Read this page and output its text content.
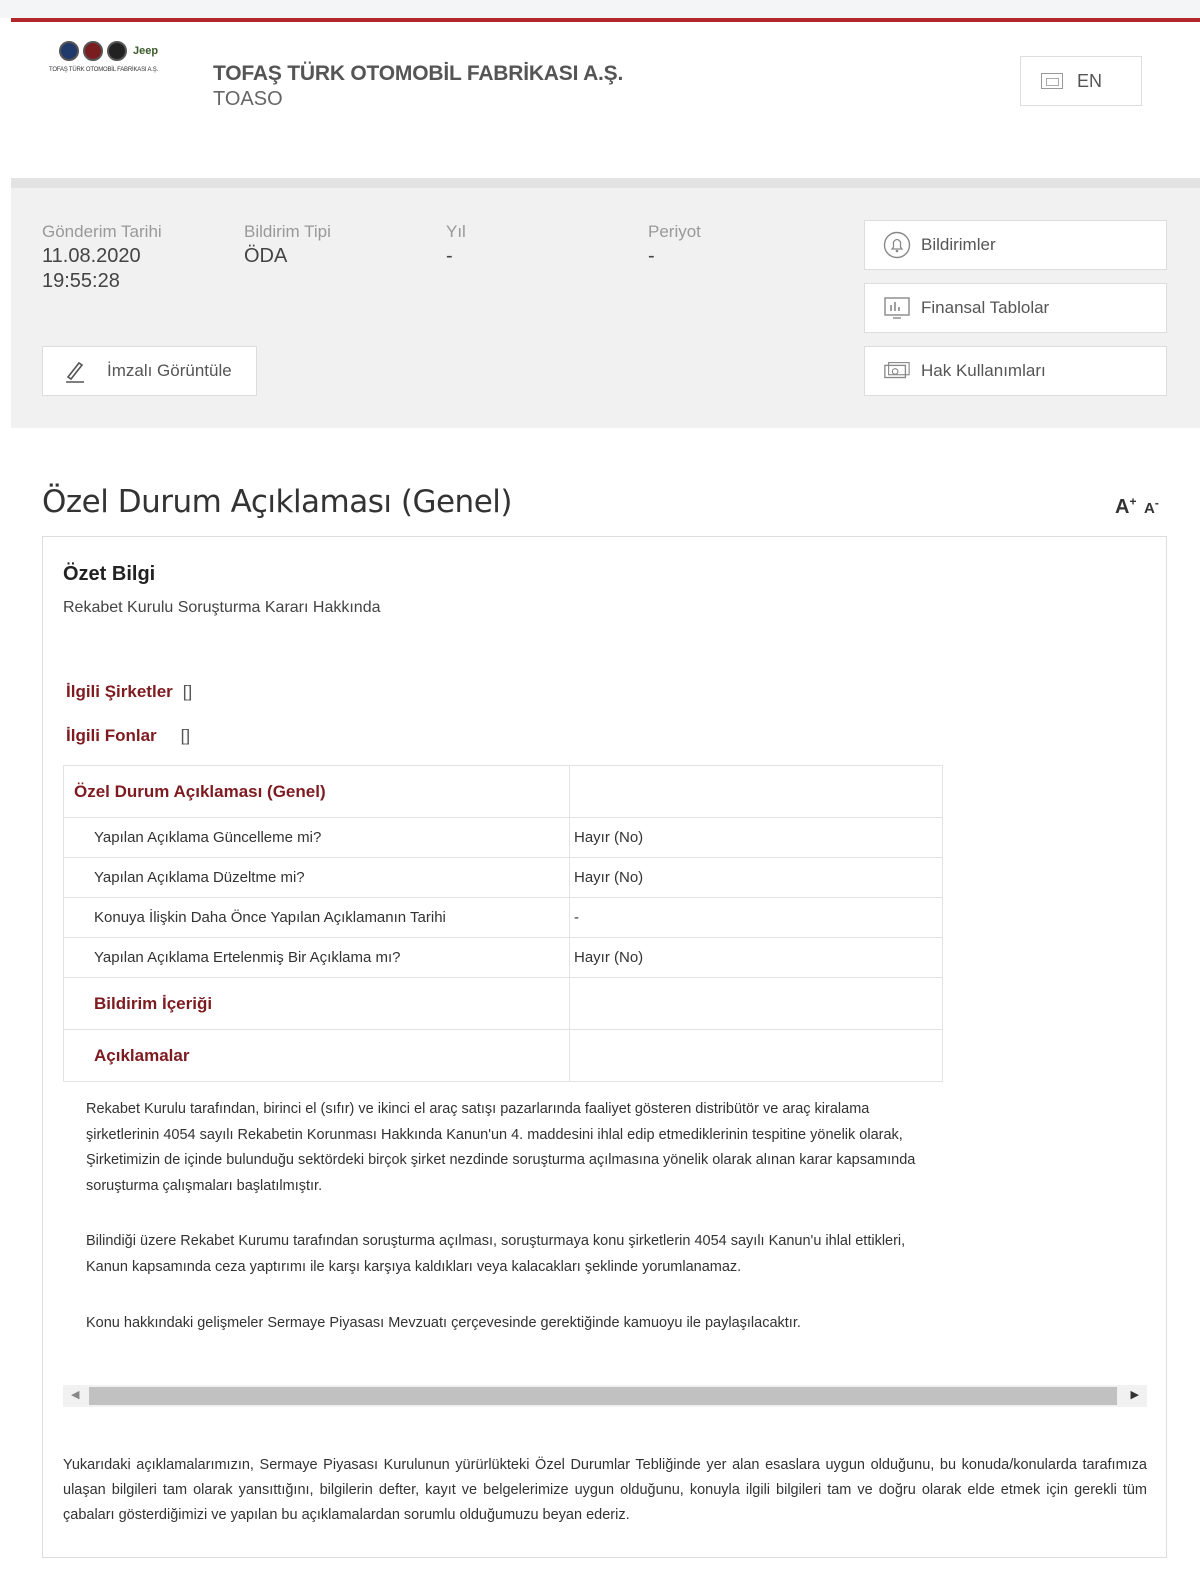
Jeep
TOFAŞ TÜRK OTOMOBİL FABRİKASI A.Ş.	TOFAŞ TÜRK OTOMOBİL FABRİKASI A.Ş.
TOASO
EN
Gönderim Tarihi
11.08.2020
19:55:28
Bildirim Tipi
ÖDA
Yıl
-
Periyot
-
İmzalı Görüntüle
Bildirimler
Finansal Tablolar
Hak Kullanımları
Özel Durum Açıklaması (Genel)	A+ A-
Özet Bilgi
Rekabet Kurulu Soruşturma Kararı Hakkında
İlgili Şirketler []
İlgili Fonlar []
Özel Durum Açıklaması (Genel)	
Yapılan Açıklama Güncelleme mi?	Hayır (No)
Yapılan Açıklama Düzeltme mi?	Hayır (No)
Konuya İlişkin Daha Önce Yapılan Açıklamanın Tarihi	-
Yapılan Açıklama Ertelenmiş Bir Açıklama mı?	Hayır (No)
Bildirim İçeriği	
Açıklamalar	
Rekabet Kurulu tarafından, birinci el (sıfır) ve ikinci el araç satışı pazarlarında faaliyet gösteren distribütör ve araç kiralama şirketlerinin 4054 sayılı Rekabetin Korunması Hakkında Kanun'un 4. maddesini ihlal edip etmediklerinin tespitine yönelik olarak, Şirketimizin de içinde bulunduğu sektördeki birçok şirket nezdinde soruşturma açılmasına yönelik olarak alınan karar kapsamında soruşturma çalışmaları başlatılmıştır.
Bilindiği üzere Rekabet Kurumu tarafından soruşturma açılması, soruşturmaya konu şirketlerin 4054 sayılı Kanun'u ihlal ettikleri, Kanun kapsamında ceza yaptırımı ile karşı karşıya kaldıkları veya kalacakları şeklinde yorumlanamaz.
Konu hakkındaki gelişmeler Sermaye Piyasası Mevzuatı çerçevesinde gerektiğinde kamuoyu ile paylaşılacaktır.
◀	▶
Yukarıdaki açıklamalarımızın, Sermaye Piyasası Kurulunun yürürlükteki Özel Durumlar Tebliğinde yer alan esaslara uygun olduğunu, bu konuda/konularda tarafımıza ulaşan bilgileri tam olarak yansıttığını, bilgilerin defter, kayıt ve belgelerimize uygun olduğunu, konuyla ilgili bilgileri tam ve doğru olarak elde etmek için gerekli tüm çabaları gösterdiğimizi ve yapılan bu açıklamalardan sorumlu olduğumuzu beyan ederiz.
